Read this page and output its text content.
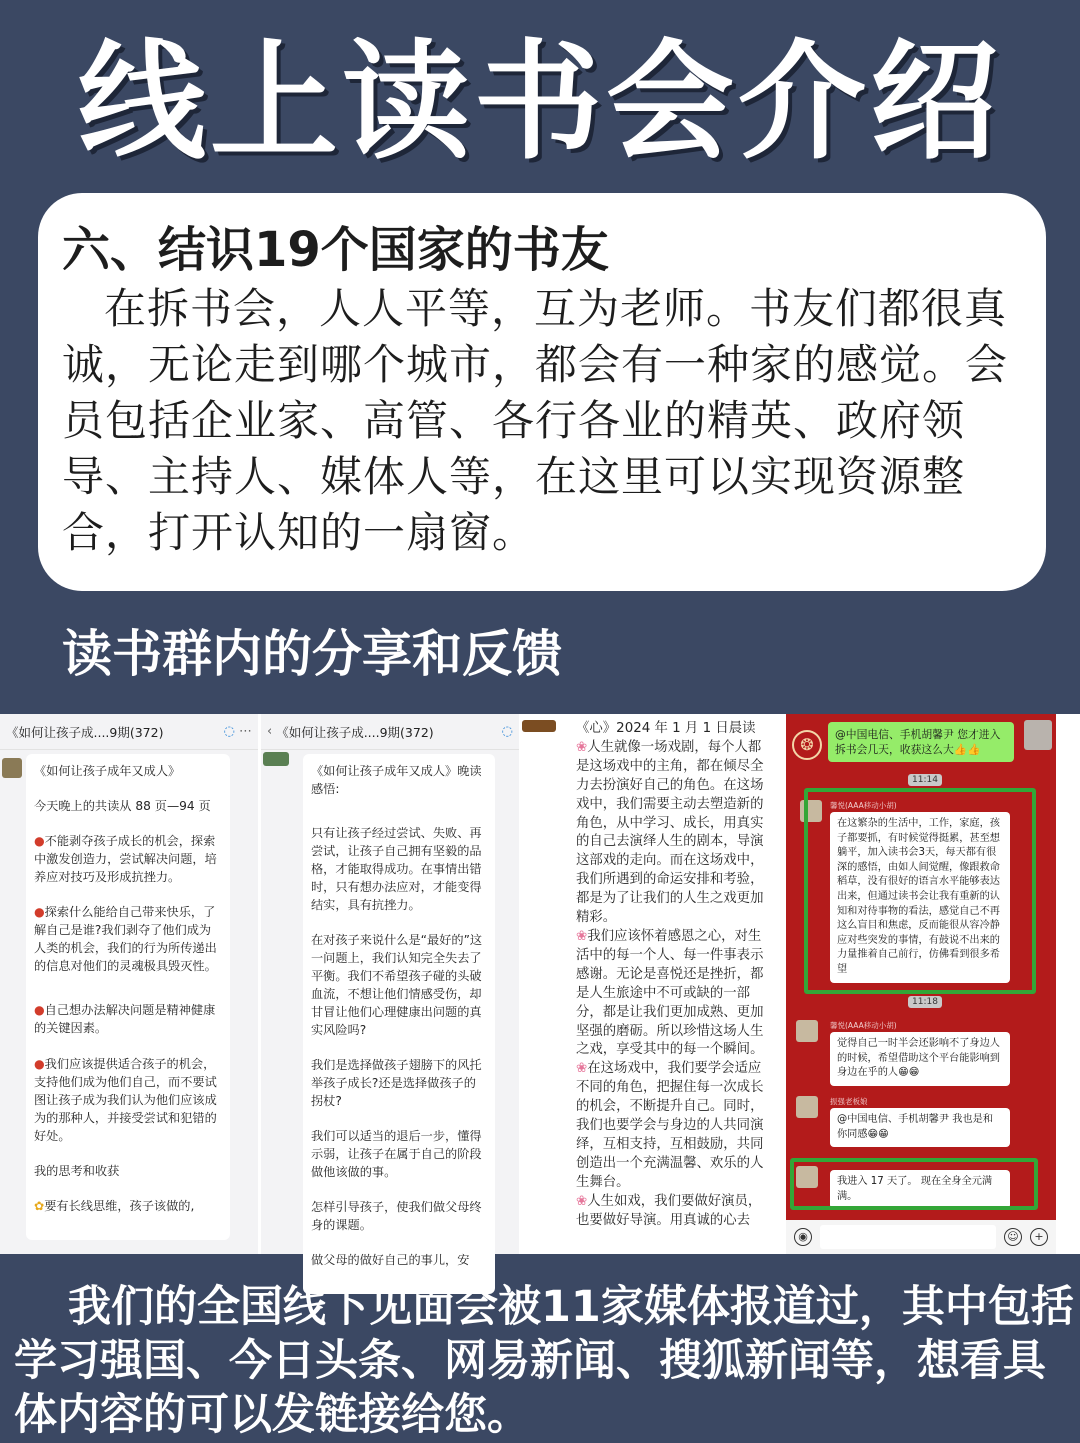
线上读书会介绍
六、结识19个国家的书友
在拆书会，人人平等，互为老师。书友们都很真诚，无论走到哪个城市，都会有一种家的感觉。会员包括企业家、高管、各行各业的精英、政府领导、主持人、媒体人等，在这里可以实现资源整合，打开认知的一扇窗。
读书群内的分享和反馈
《如何让孩子成....9期(372)	◌ ⋯

《如何让孩子成年又成人》

今天晚上的共读从 88 页—94 页

●不能剥夺孩子成长的机会，探索中激发创造力，尝试解决问题，培养应对技巧及形成抗挫力。

●探索什么能给自己带来快乐，了解自己是谁?我们剥夺了他们成为人类的机会，我们的行为所传递出的信息对他们的灵魂极具毁灭性。

●自己想办法解决问题是精神健康的关键因素。

●我们应该提供适合孩子的机会，支持他们成为他们自己，而不要试图让孩子成为我们认为他们应该成为的那种人，并接受尝试和犯错的好处。

我的思考和收获

✿要有长线思维，孩子该做的,

‹ 《如何让孩子成....9期(372)	◌

《如何让孩子成年又成人》晚读感悟:

只有让孩子经过尝试、失败、再尝试，让孩子自己拥有坚毅的品格，才能取得成功。在事情出错时，只有想办法应对，才能变得结实，具有抗挫力。

在对孩子来说什么是“最好的”这一问题上，我们认知完全失去了平衡。我们不希望孩子碰的头破血流，不想让他们情感受伤，却甘冒让他们心理健康出问题的真实风险吗?

我们是选择做孩子翅膀下的风托举孩子成长?还是选择做孩子的拐杖?

我们可以适当的退后一步，懂得示弱，让孩子在属于自己的阶段做他该做的事。

怎样引导孩子，使我们做父母终身的课题。

做父母的做好自己的事儿，安

《心》2024 年 1 月 1 日晨读

❀人生就像一场戏剧，每个人都是这场戏中的主角，都在倾尽全力去扮演好自己的角色。在这场戏中，我们需要主动去塑造新的角色，从中学习、成长，用真实的自己去演绎人生的剧本，导演这部戏的走向。而在这场戏中，我们所遇到的命运安排和考验，都是为了让我们的人生之戏更加精彩。

❀我们应该怀着感恩之心，对生活中的每一个人、每一件事表示感谢。无论是喜悦还是挫折，都是人生旅途中不可或缺的一部分，都是让我们更加成熟、更加坚强的磨砺。所以珍惜这场人生之戏，享受其中的每一个瞬间。

❀在这场戏中，我们要学会适应不同的角色，把握住每一次成长的机会，不断提升自己。同时，我们也要学会与身边的人共同演绎，互相支持，互相鼓励，共同创造出一个充满温馨、欢乐的人生舞台。

❀人生如戏，我们要做好演员，也要做好导演。用真诚的心去

❂
@中国电信、手机胡馨尹 您才进入拆书会几天，收获这么大👍👍
11:14
馨悦(AAA移动小胡)
在这繁杂的生活中，工作，家庭，孩子都要抓，有时候觉得挺累，甚至想躺平，加入读书会3天，每天都有很深的感悟，由如人间觉醒，像跟救命稻草，没有很好的语言水平能够表达出来，但通过读书会让我有重新的认知和对待事物的看法，感觉自己不再这么盲目和焦虑，反而能很从容冷静应对些突发的事情，有鼓说不出来的力量推着自己前行，仿佛看到很多希望
11:18
馨悦(AAA移动小胡)
觉得自己一时半会还影响不了身边人的时候，希望借助这个平台能影响到身边在乎的人😁😁
振强老板娘
@中国电信、手机胡馨尹 我也是和你同感😁😁
我进入 17 天了。 现在全身全元满满。
◉	☺	+
我们的全国线下见面会被11家媒体报道过，其中包括学习强国、今日头条、网易新闻、搜狐新闻等，想看具体内容的可以发链接给您。
